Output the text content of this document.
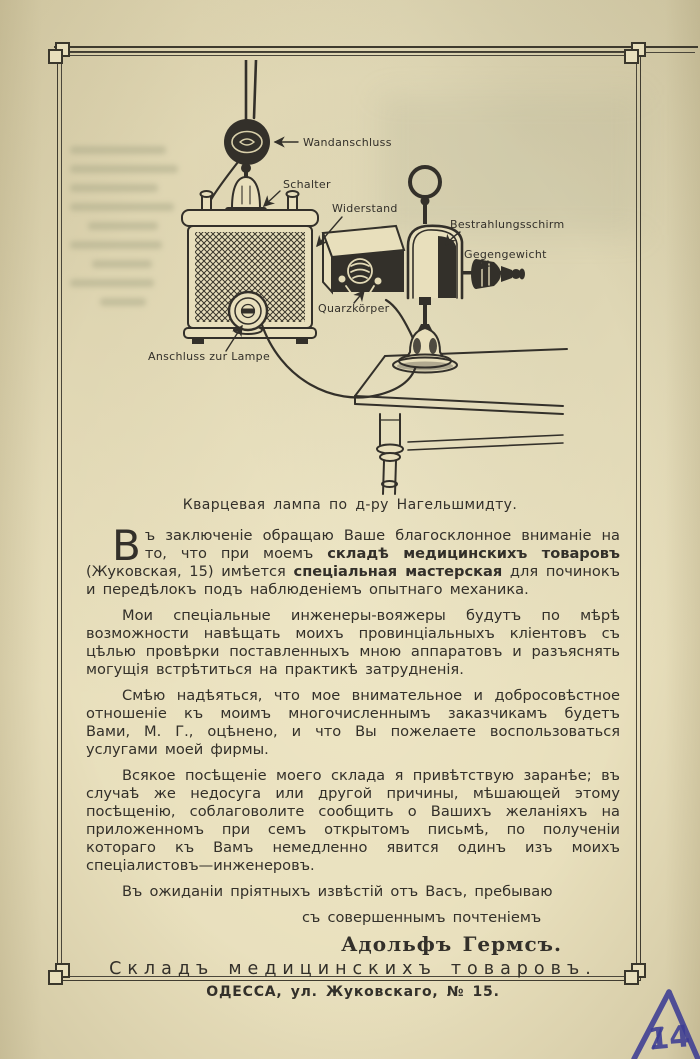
Wandanschluss
Schalter
Widerstand
Bestrahlungsschirm
Gegengewicht
Quarzkörper
Anschluss zur Lampe
Кварцевая лампа по д-ру Нагельшмидту.

Въ заключеніе обращаю Ваше благосклонное вниманіе на то, что при моемъ складѣ медицинскихъ товаровъ (Жуковская, 15) имѣется спеціальная мастерская для починокъ и передѣлокъ подъ наблюденіемъ опытнаго механика.

Мои спеціальные инженеры-вояжеры будутъ по мѣрѣ возможности навѣщать моихъ провинціальныхъ кліентовъ съ цѣлью провѣрки поставленныхъ мною аппаратовъ и разъяснять могущія встрѣтиться на практикѣ затрудненія.

Смѣю надѣяться, что мое внимательное и добросовѣстное отношеніе къ моимъ многочисленнымъ заказчикамъ будетъ Вами, М. Г., оцѣнено, и что Вы пожелаете воспользоваться услугами моей фирмы.

Всякое посѣщеніе моего склада я привѣтствую заранѣе; въ случаѣ же недосуга или другой причины, мѣшающей этому посѣщенію, соблаговолите сообщить о Вашихъ желаніяхъ на приложенномъ при семъ открытомъ письмѣ, по полученіи котораго къ Вамъ немедленно явится одинъ изъ моихъ спеціалистовъ—инженеровъ.

Въ ожиданіи пріятныхъ извѣстій отъ Васъ, пребываю

съ совершеннымъ почтеніемъ

Адольфъ Гермсъ.
Складъ медицинскихъ товаровъ.
ОДЕССА, ул. Жуковскаго, № 15.
14
